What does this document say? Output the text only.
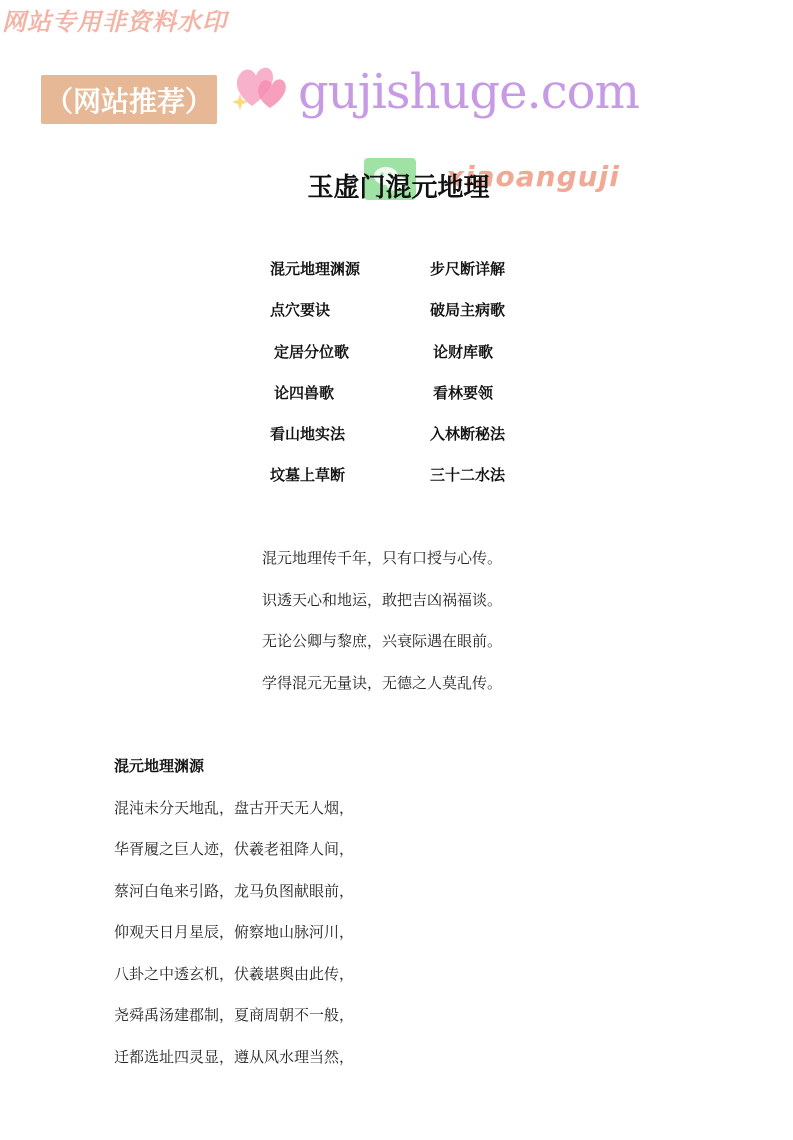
网站专用非资料水印
（网站推荐） gujishuge.com
xiaoanguji
玉虚门混元地理
混元地理渊源	步尺断详解
点穴要诀	破局主病歌
定居分位歌	论财库歌
论四兽歌	看林要领
看山地实法	入林断秘法
坟墓上草断	三十二水法
混元地理传千年，只有口授与心传。
识透天心和地运，敢把吉凶祸福谈。
无论公卿与黎庶，兴衰际遇在眼前。
学得混元无量诀，无德之人莫乱传。
混元地理渊源
混沌未分天地乱，盘古开天无人烟，
华胥履之巨人迹，伏羲老祖降人间，
蔡河白龟来引路，龙马负图献眼前，
仰观天日月星辰，俯察地山脉河川，
八卦之中透玄机，伏羲堪舆由此传，
尧舜禹汤建郡制，夏商周朝不一般，
迁都选址四灵显，遵从风水理当然，
